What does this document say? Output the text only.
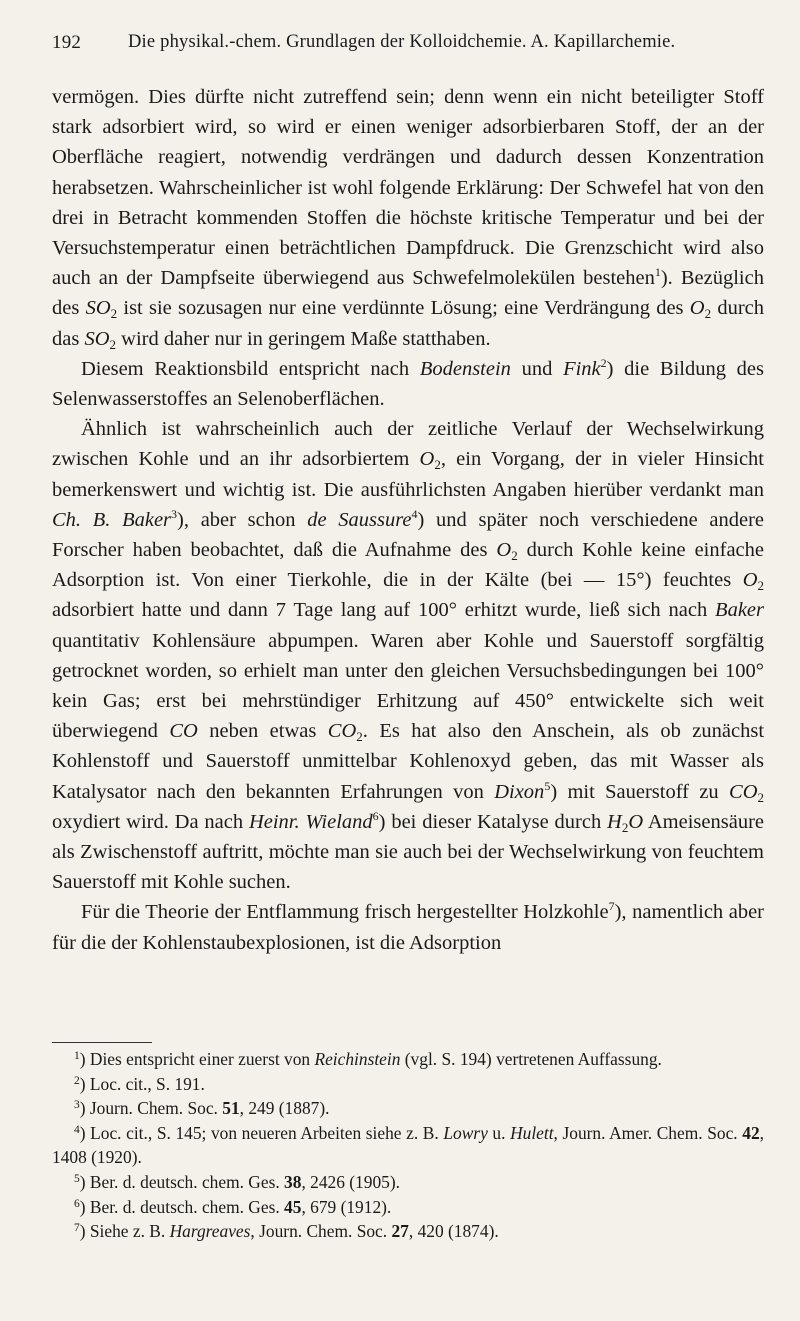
192	Die physikal.-chem. Grundlagen der Kolloidchemie. A. Kapillarchemie.

vermögen. Dies dürfte nicht zutreffend sein; denn wenn ein nicht beteiligter Stoff stark adsorbiert wird, so wird er einen weniger adsorbierbaren Stoff, der an der Oberfläche reagiert, notwendig verdrängen und dadurch dessen Konzentration herabsetzen. Wahrscheinlicher ist wohl folgende Erklärung: Der Schwefel hat von den drei in Betracht kommenden Stoffen die höchste kritische Temperatur und bei der Versuchstemperatur einen beträchtlichen Dampfdruck. Die Grenzschicht wird also auch an der Dampfseite überwiegend aus Schwefelmolekülen bestehen$^1$). Bezüglich des $SO_2$ ist sie sozusagen nur eine verdünnte Lösung; eine Verdrängung des $O_2$ durch das $SO_2$ wird daher nur in geringem Maße statthaben.

Diesem Reaktionsbild entspricht nach Bodenstein und Fink$^2$) die Bildung des Selenwasserstoffes an Selenoberflächen.

Ähnlich ist wahrscheinlich auch der zeitliche Verlauf der Wechselwirkung zwischen Kohle und an ihr adsorbiertem $O_2$, ein Vorgang, der in vieler Hinsicht bemerkenswert und wichtig ist. Die ausführlichsten Angaben hierüber verdankt man Ch. B. Baker$^3$), aber schon de Saussure$^4$) und später noch verschiedene andere Forscher haben beobachtet, daß die Aufnahme des $O_2$ durch Kohle keine einfache Adsorption ist. Von einer Tierkohle, die in der Kälte (bei — 15°) feuchtes $O_2$ adsorbiert hatte und dann 7 Tage lang auf 100° erhitzt wurde, ließ sich nach Baker quantitativ Kohlensäure abpumpen. Waren aber Kohle und Sauerstoff sorgfältig getrocknet worden, so erhielt man unter den gleichen Versuchsbedingungen bei 100° kein Gas; erst bei mehrstündiger Erhitzung auf 450° entwickelte sich weit überwiegend CO neben etwas $CO_2$. Es hat also den Anschein, als ob zunächst Kohlenstoff und Sauerstoff unmittelbar Kohlenoxyd geben, das mit Wasser als Katalysator nach den bekannten Erfahrungen von Dixon$^5$) mit Sauerstoff zu $CO_2$ oxydiert wird. Da nach Heinr. Wieland$^6$) bei dieser Katalyse durch $H_2O$ Ameisensäure als Zwischenstoff auftritt, möchte man sie auch bei der Wechselwirkung von feuchtem Sauerstoff mit Kohle suchen.

Für die Theorie der Entflammung frisch hergestellter Holzkohle$^7$), namentlich aber für die der Kohlenstaubexplosionen, ist die Adsorption

$^1$) Dies entspricht einer zuerst von Reichinstein (vgl. S. 194) vertretenen Auffassung.

$^2$) Loc. cit., S. 191.

$^3$) Journ. Chem. Soc. 51, 249 (1887).

$^4$) Loc. cit., S. 145; von neueren Arbeiten siehe z. B. Lowry u. Hulett, Journ. Amer. Chem. Soc. 42, 1408 (1920).

$^5$) Ber. d. deutsch. chem. Ges. 38, 2426 (1905).

$^6$) Ber. d. deutsch. chem. Ges. 45, 679 (1912).

$^7$) Siehe z. B. Hargreaves, Journ. Chem. Soc. 27, 420 (1874).
